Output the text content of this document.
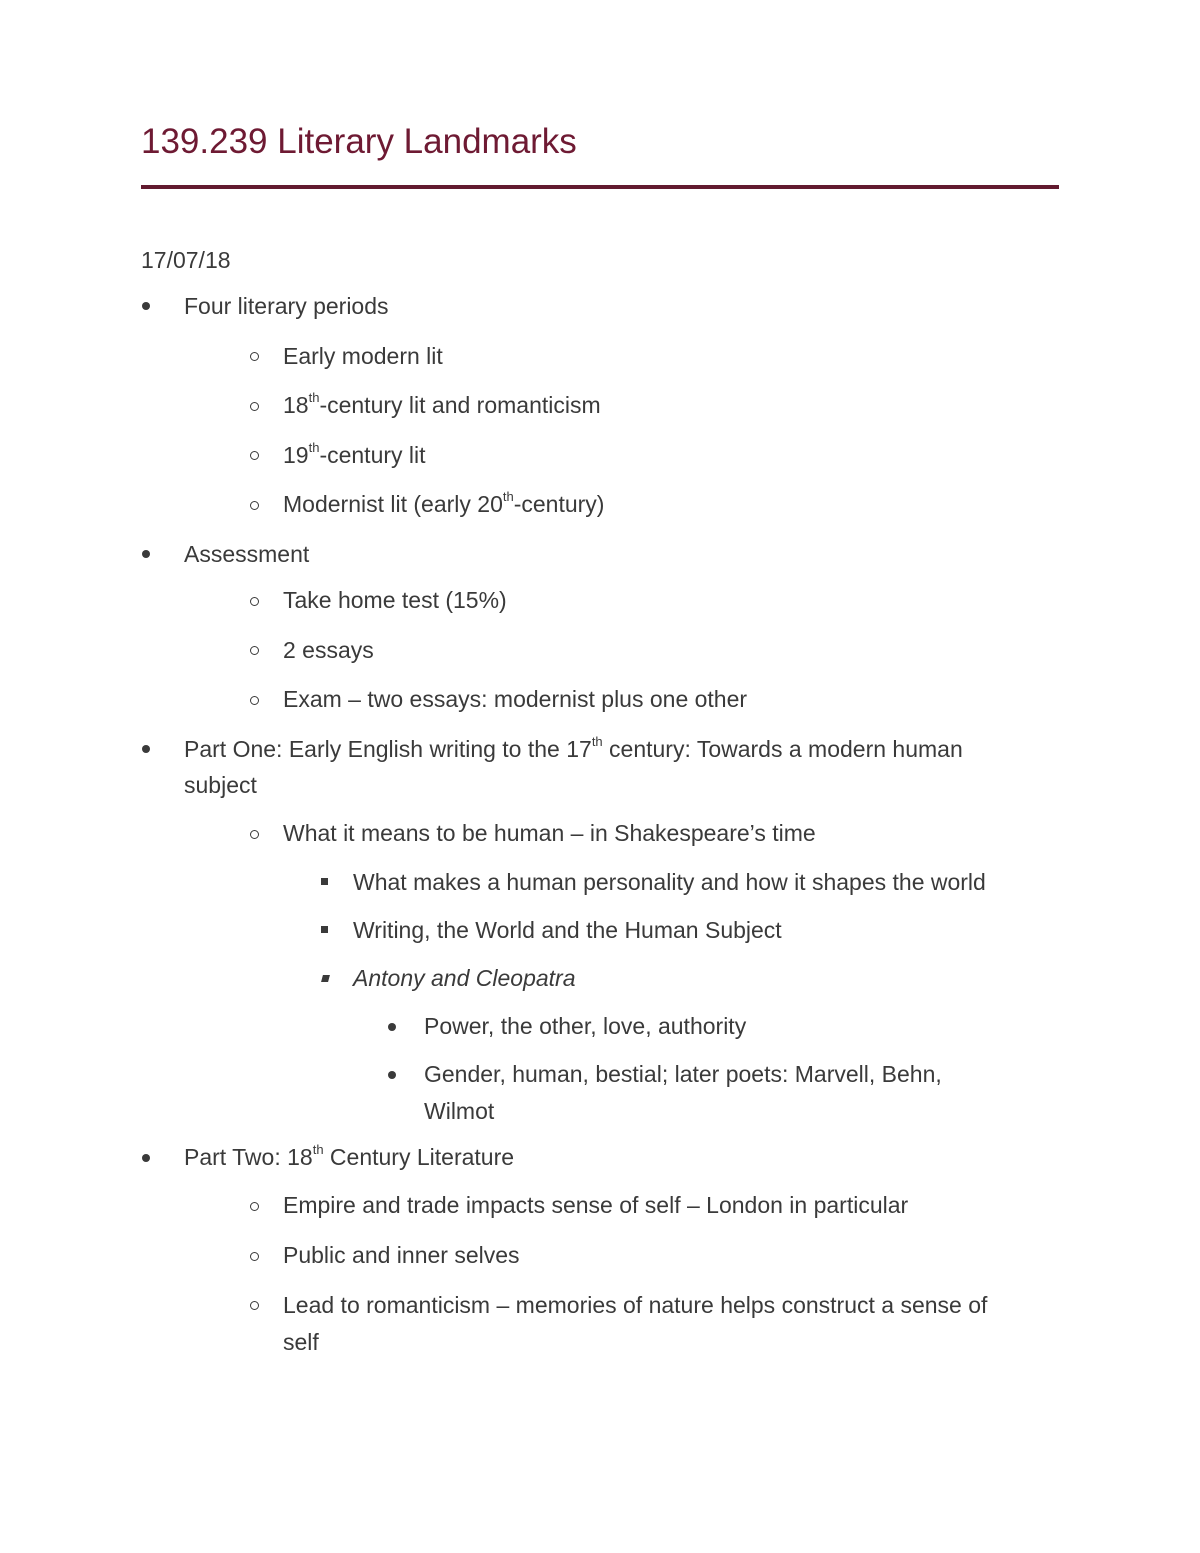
139.239 Literary Landmarks
17/07/18
Four literary periods
Early modern lit
18th-century lit and romanticism
19th-century lit
Modernist lit (early 20th-century)
Assessment
Take home test (15%)
2 essays
Exam – two essays: modernist plus one other
Part One: Early English writing to the 17th century: Towards a modern human
subject
What it means to be human – in Shakespeare’s time
What makes a human personality and how it shapes the world
Writing, the World and the Human Subject
Antony and Cleopatra
Power, the other, love, authority
Gender, human, bestial; later poets: Marvell, Behn,
Wilmot
Part Two: 18th Century Literature
Empire and trade impacts sense of self – London in particular
Public and inner selves
Lead to romanticism – memories of nature helps construct a sense of
self
